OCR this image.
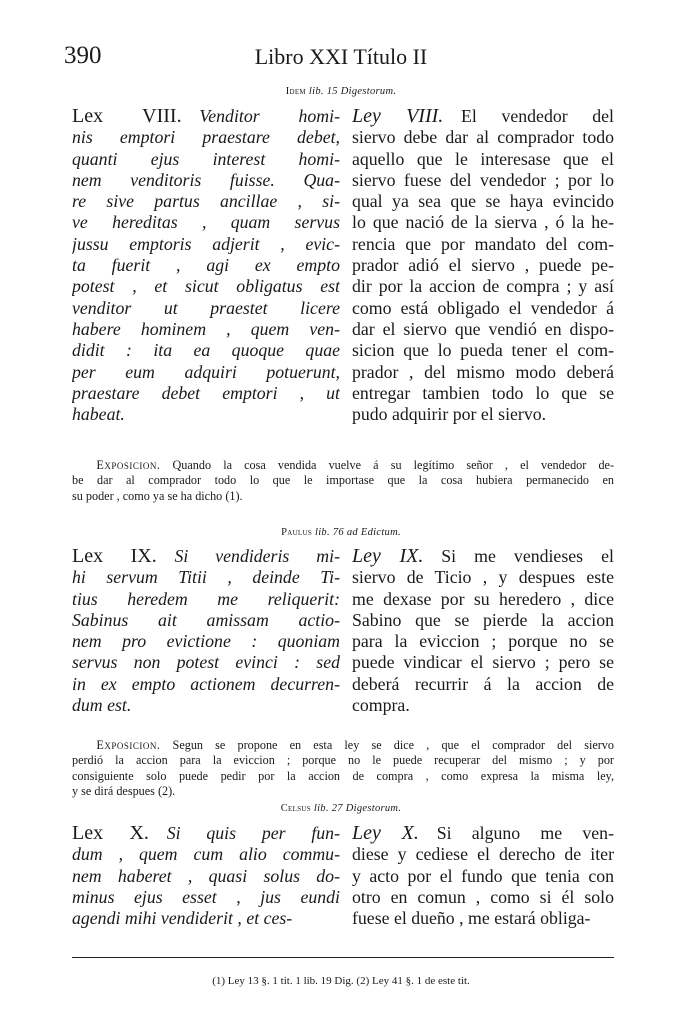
390	Libro XXI Título II
Idem lib. 15 Digestorum.
Lex VIII.  Venditor homi-
nis emptori praestare debet,
quanti ejus interest homi-
nem venditoris fuisse. Qua-
re sive partus ancillae , si-
ve hereditas , quam servus
jussu emptoris adjerit , evic-
ta fuerit , agi ex empto
potest , et sicut obligatus est
venditor ut praestet licere
habere hominem , quem ven-
didit : ita ea quoque quae
per eum adquiri potuerunt,
praestare debet emptori , ut
habeat.
Ley VIII.  El vendedor del
siervo debe dar al comprador todo
aquello que le interesase que el
siervo fuese del vendedor ; por lo
qual ya sea que se haya evincido
lo que nació de la sierva , ó la he-
rencia que por mandato del com-
prador adió el siervo , puede pe-
dir por la accion de compra ; y así
como está obligado el vendedor á
dar el siervo que vendió en dispo-
sicion que lo pueda tener el com-
prador , del mismo modo deberá
entregar tambien todo lo que se
pudo adquirir por el siervo.
  Exposicion. Quando la cosa vendida vuelve á su legítimo señor , el vendedor de-
be dar al comprador todo lo que le importase que la cosa hubiera permanecido en
su poder , como ya se ha dicho (1).
Paulus lib. 76 ad Edictum.
Lex IX.  Si vendideris mi-
hi servum Titii , deinde Ti-
tius heredem me reliquerit:
Sabinus ait amissam actio-
nem pro evictione : quoniam
servus non potest evinci : sed
in ex empto actionem decurren-
dum est.
Ley IX.  Si me vendieses el
siervo de Ticio , y despues este
me dexase por su heredero , dice
Sabino que se pierde la accion
para la eviccion ; porque no se
puede vindicar el siervo ; pero se
deberá recurrir á la accion de
compra.
  Exposicion. Segun se propone en esta ley se dice , que el comprador del siervo
perdió la accion para la eviccion ; porque no le puede recuperar del mismo ; y por
consiguiente solo puede pedir por la accion de compra , como expresa la misma ley,
y se dirá despues (2).
Celsus lib. 27 Digestorum.
Lex X.  Si quis per fun-
dum , quem cum alio commu-
nem haberet , quasi solus do-
minus ejus esset , jus eundi
agendi mihi vendiderit , et ces-
Ley X.  Si alguno me ven-
diese y cediese el derecho de iter
y acto por el fundo que tenia con
otro en comun , como si él solo
fuese el dueño , me estará obliga-
(1) Ley 13 §. 1 tit. 1 lib. 19 Dig. (2) Ley 41 §. 1 de este tit.
